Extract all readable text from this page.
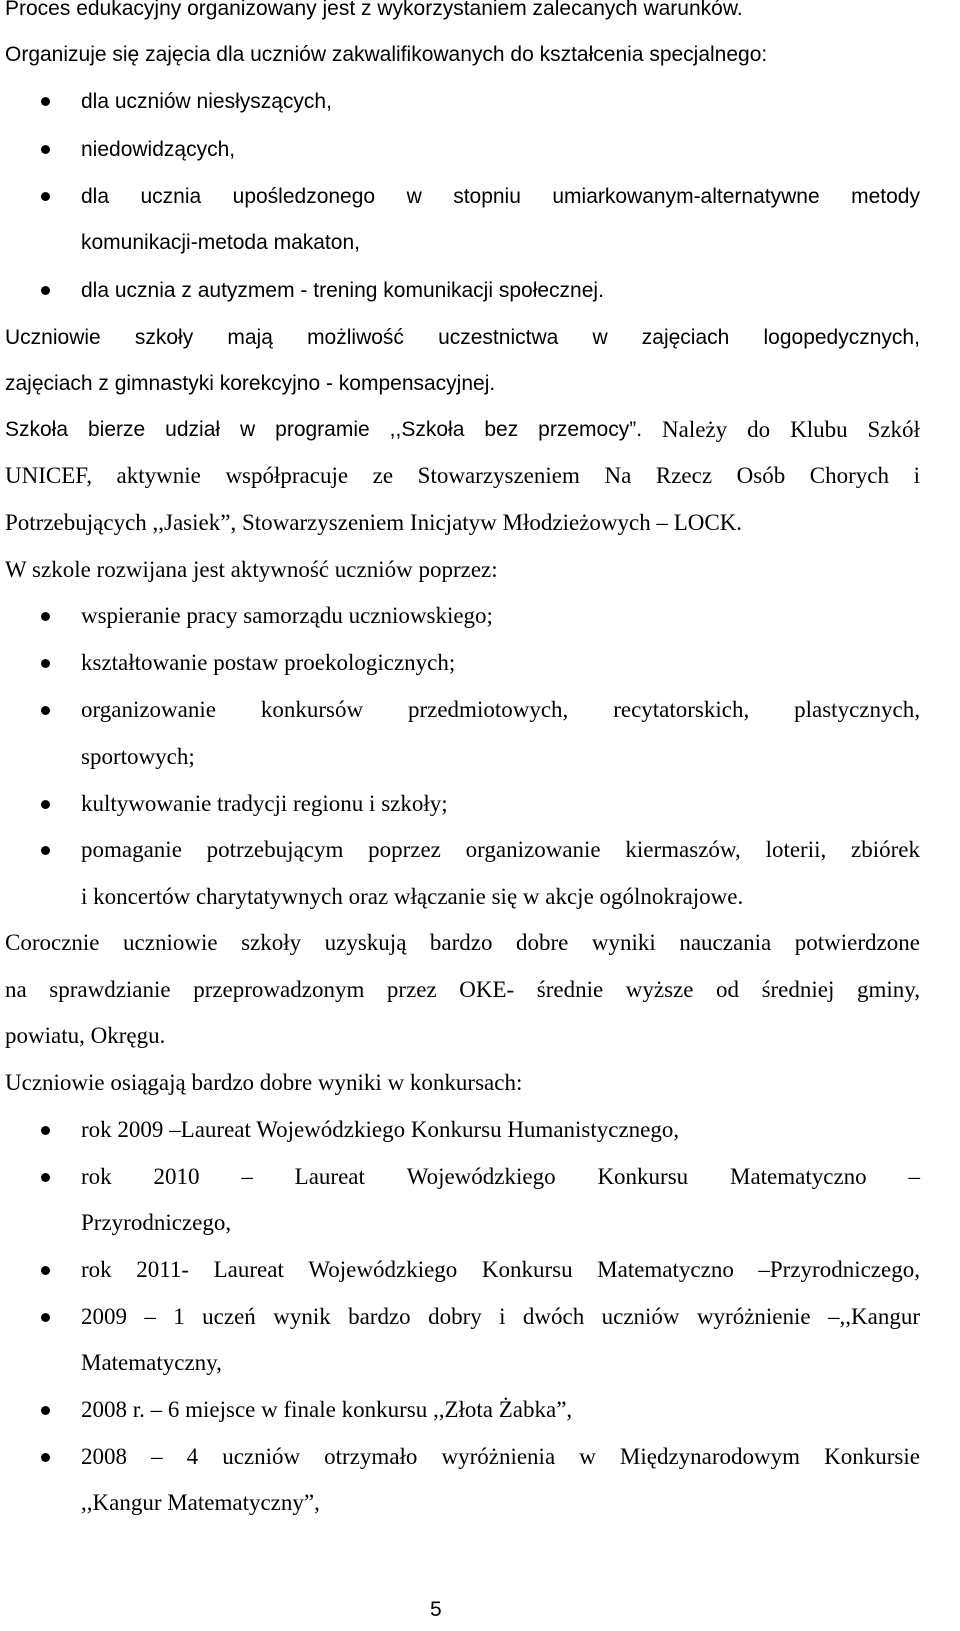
Proces edukacyjny organizowany jest z wykorzystaniem zalecanych warunków.
Organizuje się zajęcia dla uczniów zakwalifikowanych do kształcenia specjalnego:
dla uczniów niesłyszących,
niedowidzących,
dla ucznia upośledzonego w stopniu umiarkowanym-alternatywne metody
komunikacji-metoda makaton,
dla ucznia z autyzmem - trening komunikacji społecznej.
Uczniowie szkoły mają możliwość uczestnictwa w zajęciach logopedycznych,
zajęciach z gimnastyki korekcyjno - kompensacyjnej.
Szkoła bierze udział w programie ,,Szkoła bez przemocy”. Należy do Klubu Szkół
UNICEF, aktywnie współpracuje ze Stowarzyszeniem Na Rzecz Osób Chorych i
Potrzebujących ,,Jasiek”, Stowarzyszeniem Inicjatyw Młodzieżowych – LOCK.
W szkole rozwijana jest aktywność uczniów poprzez:
wspieranie pracy samorządu uczniowskiego;
kształtowanie postaw proekologicznych;
organizowanie konkursów przedmiotowych, recytatorskich, plastycznych,
sportowych;
kultywowanie tradycji regionu i szkoły;
pomaganie potrzebującym poprzez organizowanie kiermaszów, loterii, zbiórek
i koncertów charytatywnych oraz włączanie się w akcje ogólnokrajowe.
Corocznie uczniowie szkoły uzyskują bardzo dobre wyniki nauczania potwierdzone
na sprawdzianie przeprowadzonym przez OKE- średnie wyższe od średniej gminy,
powiatu, Okręgu.
Uczniowie osiągają bardzo dobre wyniki w konkursach:
rok 2009 –Laureat Wojewódzkiego Konkursu Humanistycznego,
rok 2010 – Laureat Wojewódzkiego Konkursu Matematyczno –
Przyrodniczego,
rok 2011- Laureat Wojewódzkiego Konkursu Matematyczno –Przyrodniczego,
2009 – 1 uczeń wynik bardzo dobry i dwóch uczniów wyróżnienie –,,Kangur
Matematyczny,
2008 r. – 6 miejsce w finale konkursu ,,Złota Żabka”,
2008 – 4 uczniów otrzymało wyróżnienia w Międzynarodowym Konkursie
,,Kangur Matematyczny”,
5
